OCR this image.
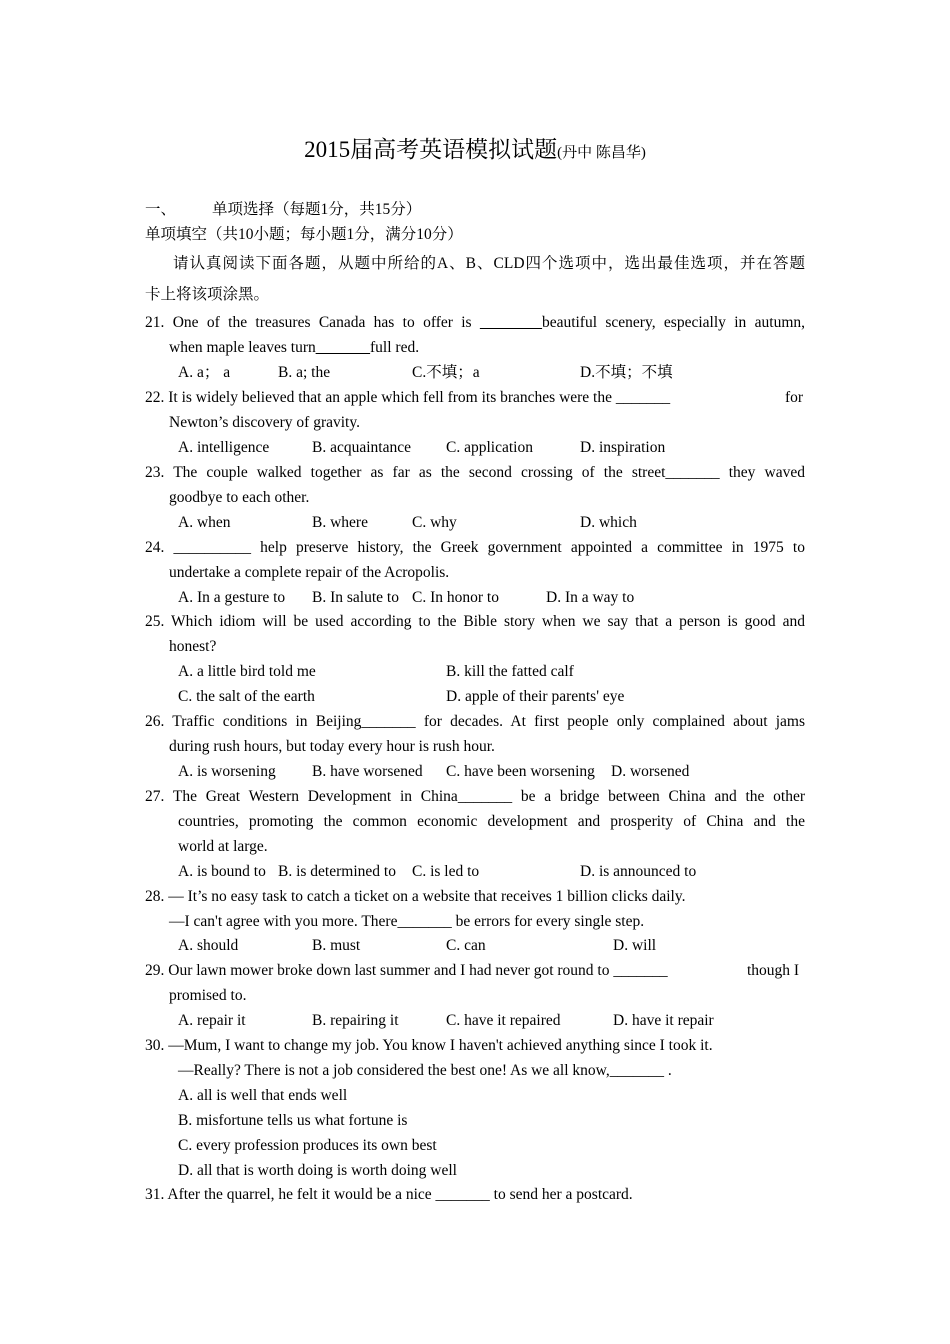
2015届高考英语模拟试题(丹中 陈昌华)
一、 单项选择（每题1分，共15分）
单项填空（共10小题；每小题1分，满分10分）
请认真阅读下面各题，从题中所给的A、B、CLD四个选项中，选出最佳选项，并在答题
卡上将该项涂黑。
21. One of the treasures Canada has to offer is ________beautiful scenery, especially in autumn,
when maple leaves turn_______full red.
A. a； a	B. a; the	C.不填；a	D.不填；不填
22. It is widely believed that an apple which fell from its branches were the _______	for
Newton’s discovery of gravity.
A. intelligence	B. acquaintance C. application	D. inspiration
23. The couple walked together as far as the second crossing of the street_______ they waved
goodbye to each other.
A. when	B. where	C. why	D. which
24. __________ help preserve history, the Greek government appointed a committee in 1975 to
undertake a complete repair of the Acropolis.
A. In a gesture to B. In salute to C. In honor to	D. In a way to
25. Which idiom will be used according to the Bible story when we say that a person is good and
honest?
A. a little bird told me	B. kill the fatted calf
C. the salt of the earth	D. apple of their parents' eye
26. Traffic conditions in Beijing_______ for decades. At first people only complained about jams
during rush hours, but today every hour is rush hour.
A. is worsening B. have worsened C. have been worsening D. worsened
27. The Great Western Development in China_______ be a bridge between China and the other
countries, promoting the common economic development and prosperity of China and the
world at large.
A. is bound to B. is determined to C. is led to	D. is announced to
28. — It’s no easy task to catch a ticket on a website that receives 1 billion clicks daily.
—I can't agree with you more. There_______ be errors for every single step.
A. should	B. must	C. can	D. will
29. Our lawn mower broke down last summer and I had never got round to _______	though I
promised to.
A. repair it	B. repairing it	C. have it repaired	D. have it repair
30. —Mum, I want to change my job. You know I haven't achieved anything since I took it.
—Really? There is not a job considered the best one! As we all know,_______ .
A. all is well that ends well
B. misfortune tells us what fortune is
C. every profession produces its own best
D. all that is worth doing is worth doing well
31. After the quarrel, he felt it would be a nice _______ to send her a postcard.
